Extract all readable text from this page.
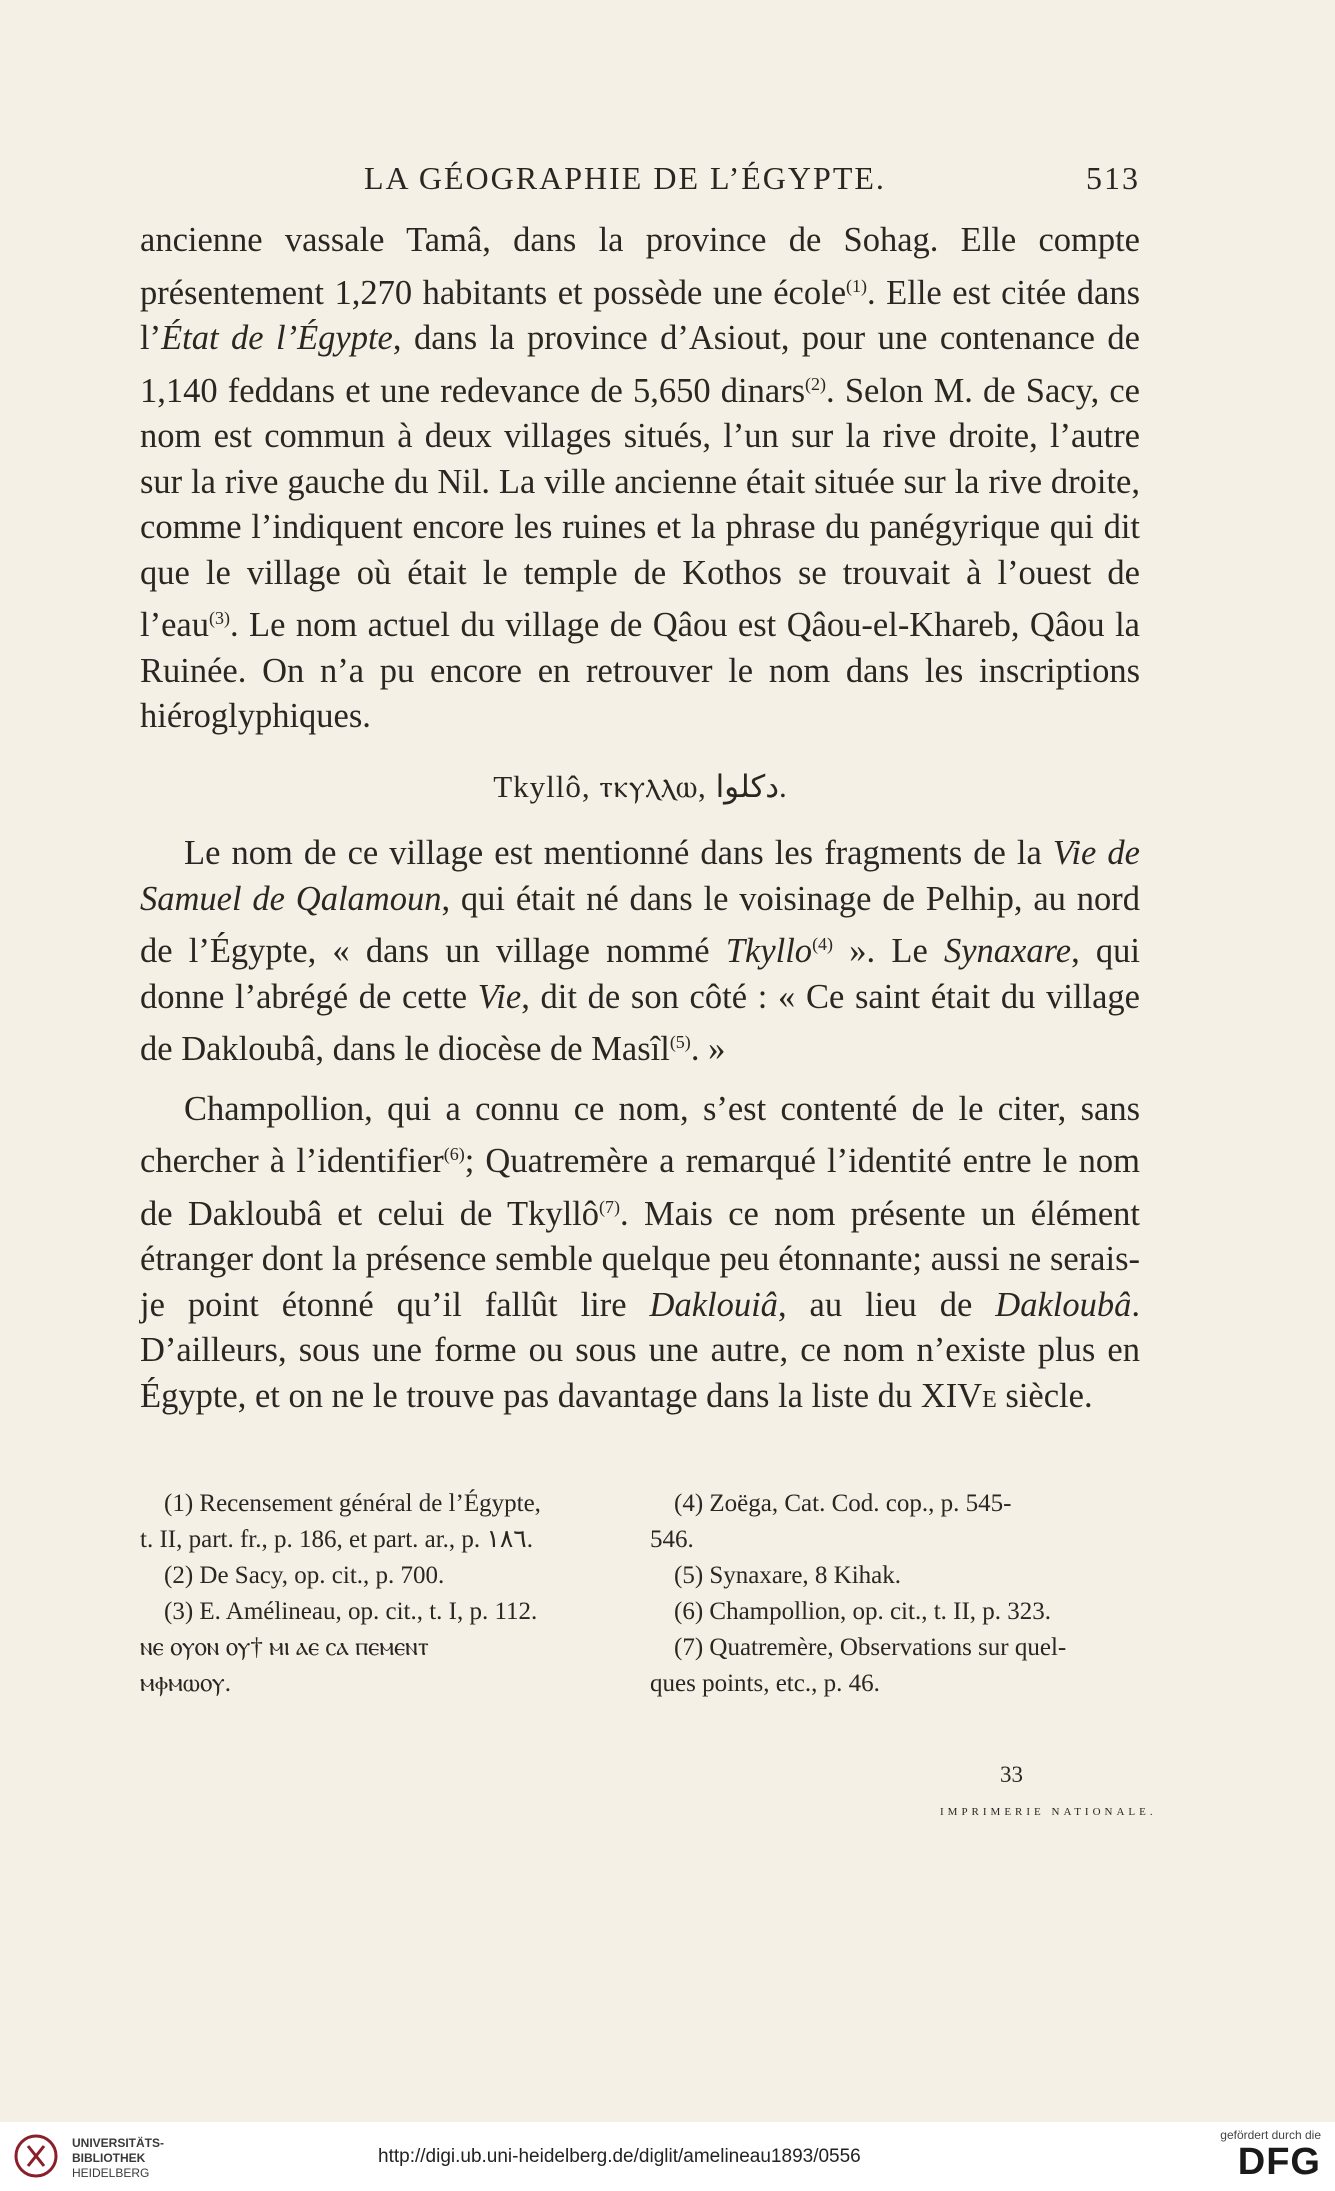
LA GÉOGRAPHIE DE L’ÉGYPTE.	513

ancienne vassale Tamâ, dans la province de Sohag. Elle compte présentement 1,270 habitants et possède une école$^{(1)}$. Elle est citée dans l’État de l’Égypte, dans la province d’Asiout, pour une contenance de 1,140 feddans et une redevance de 5,650 dinars$^{(2)}$. Selon M. de Sacy, ce nom est commun à deux villages situés, l’un sur la rive droite, l’autre sur la rive gauche du Nil. La ville ancienne était située sur la rive droite, comme l’indiquent encore les ruines et la phrase du panégyrique qui dit que le village où était le temple de Kothos se trouvait à l’ouest de l’eau$^{(3)}$. Le nom actuel du village de Qâou est Qâou-el-Khareb, Qâou la Ruinée. On n’a pu encore en retrouver le nom dans les inscriptions hiéroglyphiques.

Tkyllô, ⲧⲕⲩⲗⲗⲱ, دكلوا.

Le nom de ce village est mentionné dans les fragments de la Vie de Samuel de Qalamoun, qui était né dans le voisinage de Pelhip, au nord de l’Égypte, « dans un village nommé Tkyllo$^{(4)}$ ». Le Synaxare, qui donne l’abrégé de cette Vie, dit de son côté : « Ce saint était du village de Dakloubâ, dans le diocèse de Masîl$^{(5)}$. »

Champollion, qui a connu ce nom, s’est contenté de le citer, sans chercher à l’identifier$^{(6)}$; Quatremère a remarqué l’identité entre le nom de Dakloubâ et celui de Tkyllô$^{(7)}$. Mais ce nom présente un élément étranger dont la présence semble quelque peu étonnante; aussi ne serais-je point étonné qu’il fallût lire Daklouiâ, au lieu de Dakloubâ. D’ailleurs, sous une forme ou sous une autre, ce nom n’existe plus en Égypte, et on ne le trouve pas davantage dans la liste du XIVe siècle.

(1) Recensement général de l’Égypte,
t. II, part. fr., p. 186, et part. ar., p. ١٨٦.
(2) De Sacy, op. cit., p. 700.
(3) E. Amélineau, op. cit., t. I, p. 112.
ⲛⲉ ⲟⲩⲟⲛ ⲟⲩ† ⲙⲓ ⲁⲉ ⲥⲁ ⲡⲉⲙⲉⲛⲧ
ⲙⲫⲙⲱⲟⲩ.
(4) Zoëga, Cat. Cod. cop., p. 545-
546.
(5) Synaxare, 8 Kihak.
(6) Champollion, op. cit., t. II, p. 323.
(7) Quatremère, Observations sur quel-
ques points, etc., p. 46.
33
IMPRIMERIE NATIONALE.
UNIVERSITÄTS-
BIBLIOTHEK
HEIDELBERG
http://digi.ub.uni-heidelberg.de/diglit/amelineau1893/0556
gefördert durch die
DFG
